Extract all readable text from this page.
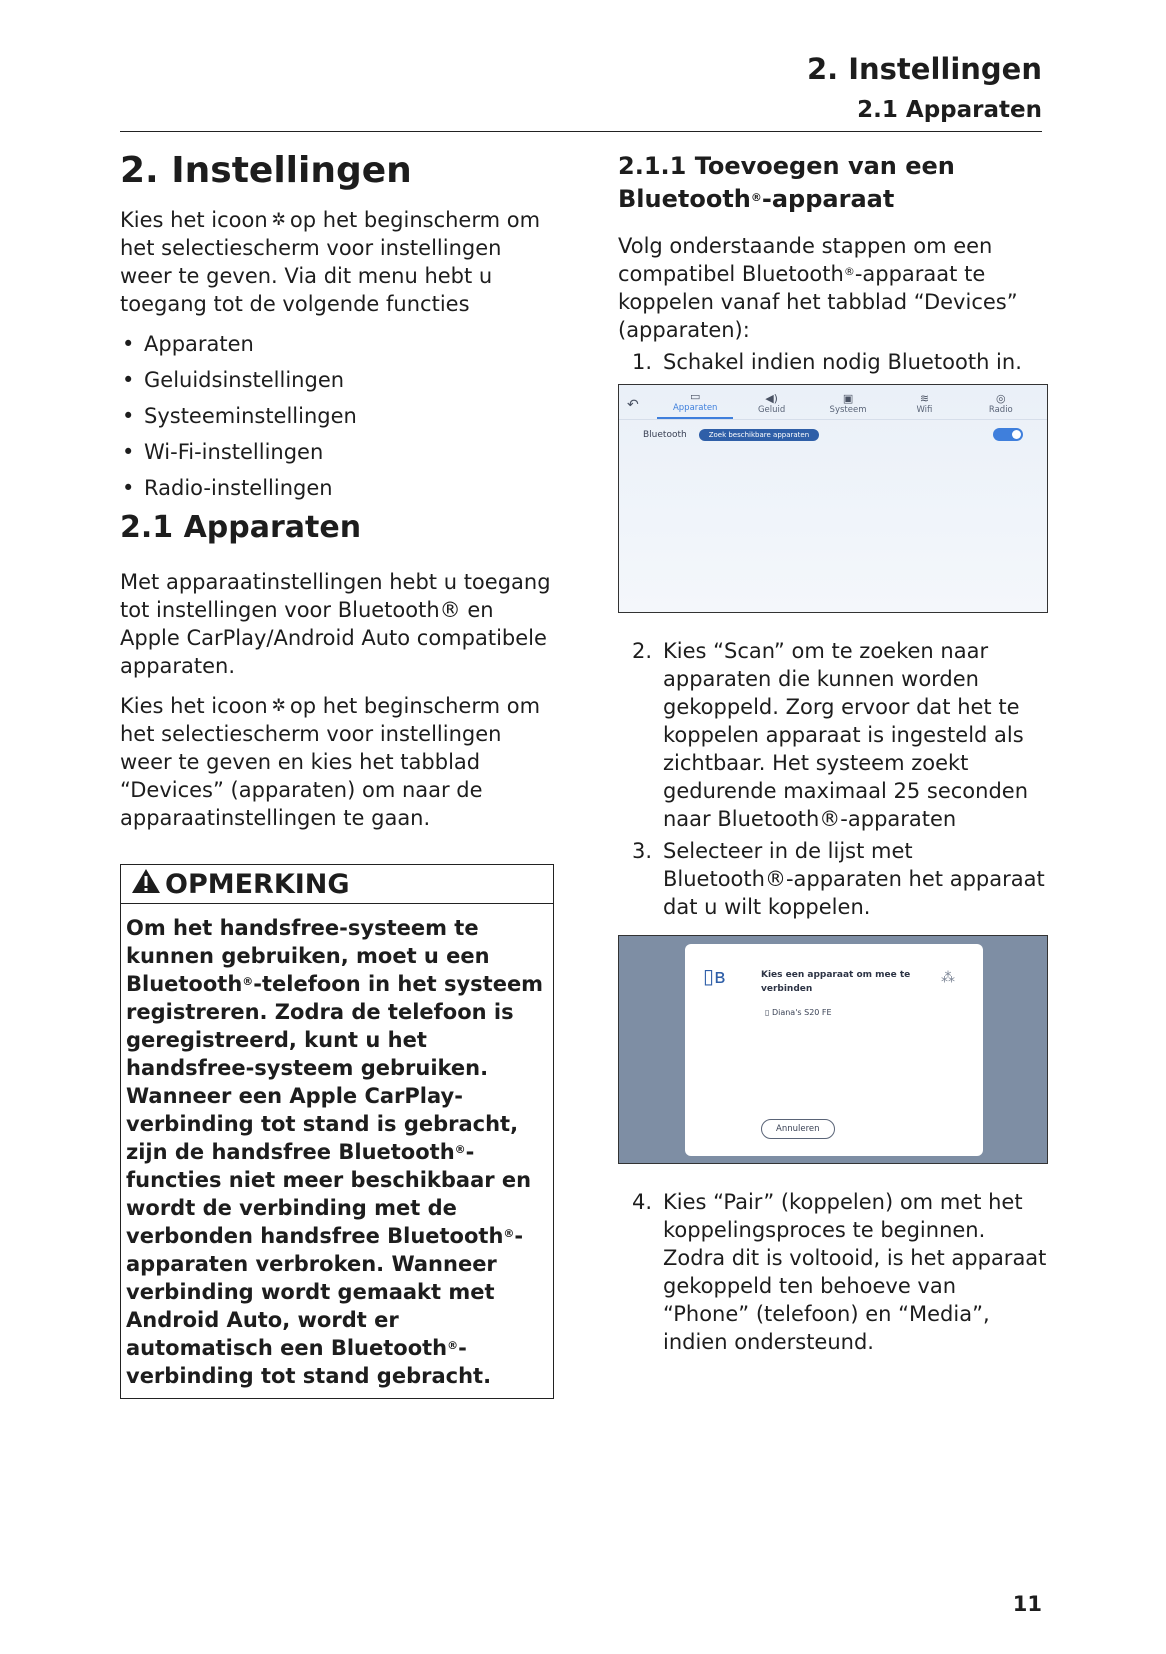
2. Instellingen
2.1 Apparaten
2. Instellingen

Kies het icoon ✲ op het beginscherm om het selectiescherm voor instellingen weer te geven. Via dit menu hebt u toegang tot de volgende functies

• Apparaten
• Geluidsinstellingen
• Systeeminstellingen
• Wi-Fi-instellingen
• Radio-instellingen
2.1 Apparaten

Met apparaatinstellingen hebt u toegang tot instellingen voor Bluetooth® en Apple CarPlay/Android Auto compatibele apparaten.

Kies het icoon ✲ op het beginscherm om het selectiescherm voor instellingen weer te geven en kies het tabblad “Devices” (apparaten) om naar de apparaatinstellingen te gaan.

OPMERKING
Om het handsfree-systeem te kunnen gebruiken, moet u een Bluetooth®-telefoon in het systeem registreren. Zodra de telefoon is geregistreerd, kunt u het handsfree-systeem gebruiken. Wanneer een Apple CarPlay-verbinding tot stand is gebracht, zijn de handsfree Bluetooth®-functies niet meer beschikbaar en wordt de verbinding met de verbonden handsfree Bluetooth®-apparaten verbroken. Wanneer verbinding wordt gemaakt met Android Auto, wordt er automatisch een Bluetooth®-verbinding tot stand gebracht.
2.1.1 Toevoegen van een Bluetooth®-apparaat

Volg onderstaande stappen om een compatibel Bluetooth®-apparaat te koppelen vanaf het tabblad “Devices” (apparaten):

1. Schakel indien nodig Bluetooth in.
↶
▭
Apparaten
◀)
Geluid
▣
Systeem
≋
Wifi
◎
Radio
Bluetooth	Zoek beschikbare apparaten
2. Kies “Scan” om te zoeken naar apparaten die kunnen worden gekoppeld. Zorg ervoor dat het te koppelen apparaat is ingesteld als zichtbaar. Het systeem zoekt gedurende maximaal 25 seconden naar Bluetooth®-apparaten
3. Selecteer in de lijst met Bluetooth®-apparaten het apparaat dat u wilt koppelen.
▯ʙ	Kies een apparaat om mee te verbinden
⁂
▯ Diana's S20 FE
Annuleren
4. Kies “Pair” (koppelen) om met het koppelingsproces te beginnen. Zodra dit is voltooid, is het apparaat gekoppeld ten behoeve van “Phone” (telefoon) en “Media”, indien ondersteund.
11
